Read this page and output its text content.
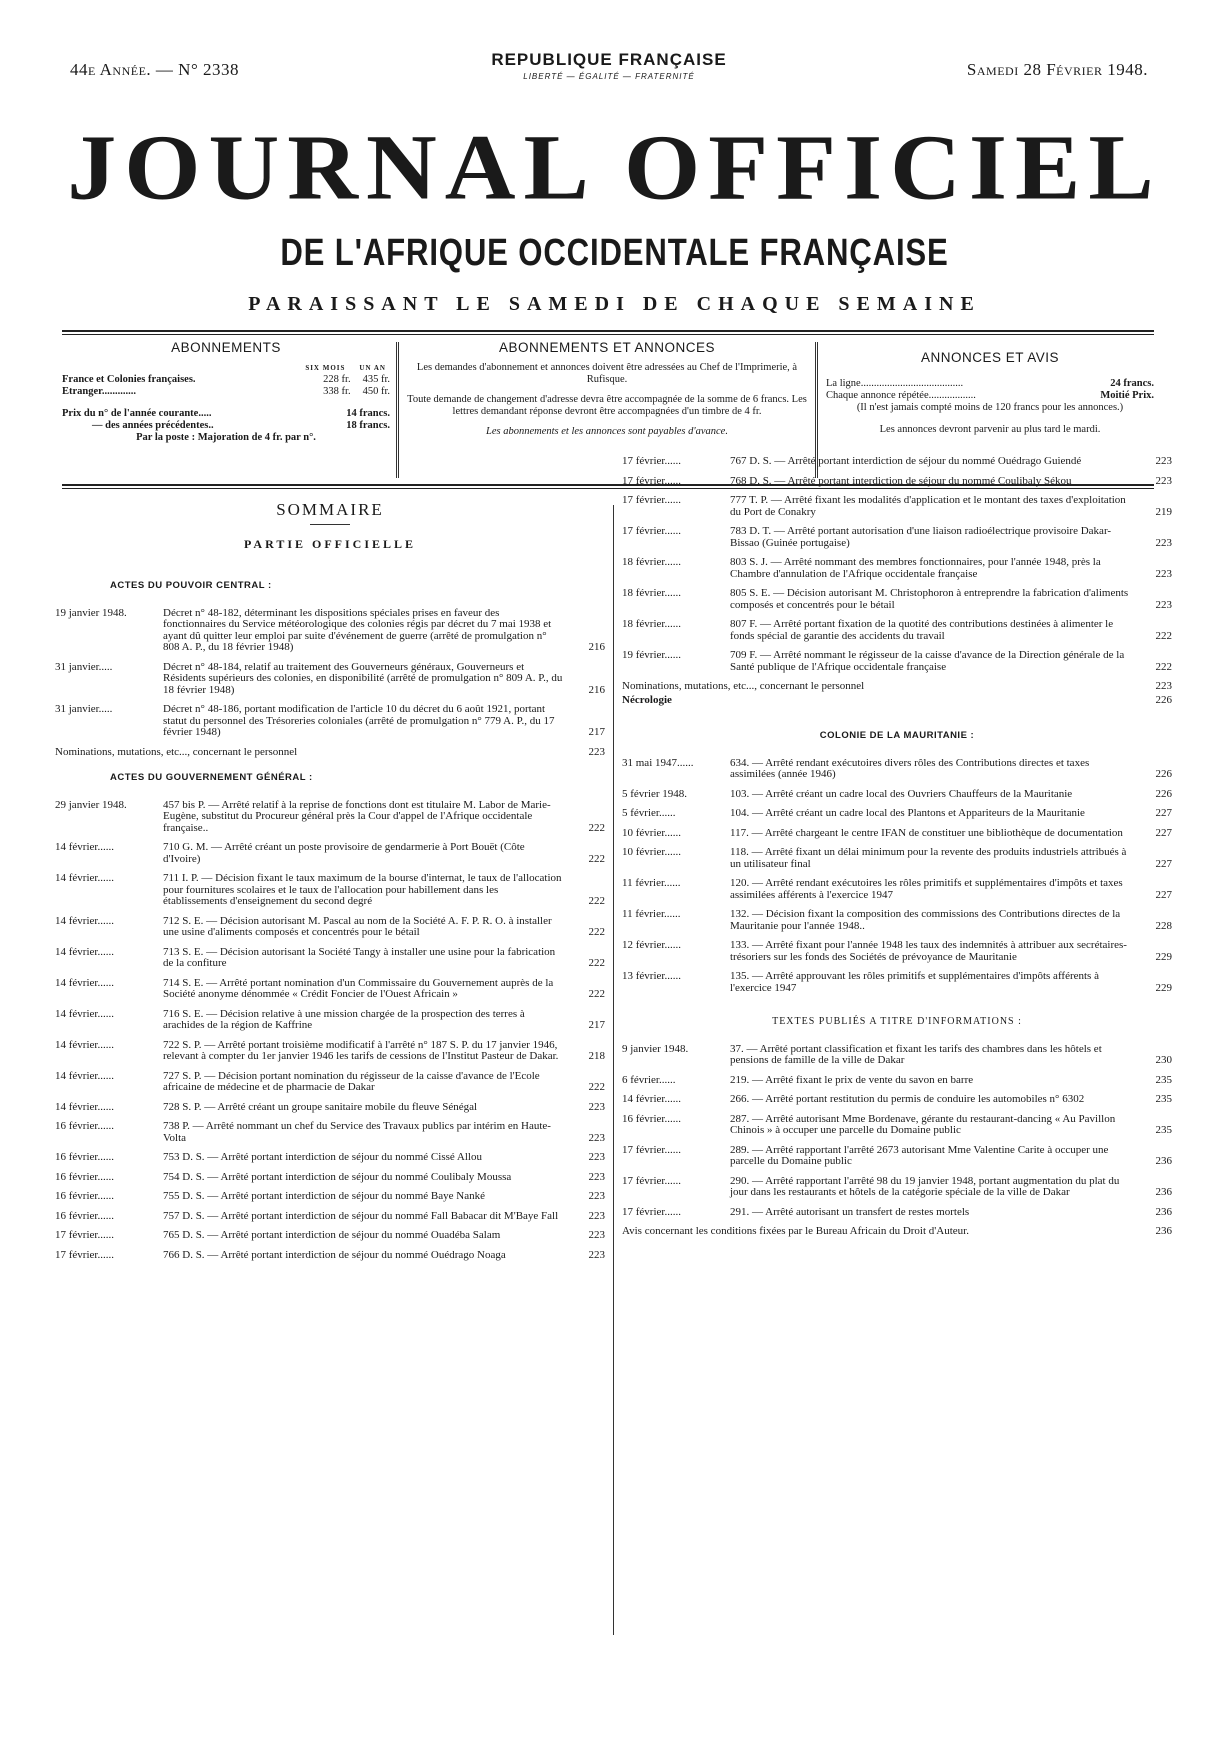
44e Année. — N° 2338
REPUBLIQUE FRANÇAISE
LIBERTÉ — ÉGALITÉ — FRATERNITÉ	Samedi 28 Février 1948.
JOURNAL OFFICIEL
DE L'AFRIQUE OCCIDENTALE FRANÇAISE
PARAISSANT LE SAMEDI DE CHAQUE SEMAINE
ABONNEMENTS
SIX MOIS UN AN
France et Colonies françaises.	228 fr. 435 fr.
Etranger.............	338 fr. 450 fr.
Prix du n° de l'année courante.....	14 francs.
— des années précédentes..	18 francs.
Par la poste : Majoration de 4 fr. par n°.
ABONNEMENTS ET ANNONCES
Les demandes d'abonnement et annonces doivent être adressées au Chef de l'Imprimerie, à Rufisque.
Toute demande de changement d'adresse devra être accompagnée de la somme de 6 francs. Les lettres demandant réponse devront être accompagnées d'un timbre de 4 fr.
Les abonnements et les annonces sont payables d'avance.
ANNONCES ET AVIS
La ligne.......................................	24 francs.
Chaque annonce répétée..................	Moitié Prix.
(Il n'est jamais compté moins de 120 francs pour les annonces.)
Les annonces devront parvenir au plus tard le mardi.
SOMMAIRE
PARTIE OFFICIELLE
ACTES DU POUVOIR CENTRAL :
19 janvier 1948.	Décret n° 48-182, déterminant les dispositions spéciales prises en faveur des fonctionnaires du Service météorologique des colonies régis par décret du 7 mai 1938 et ayant dû quitter leur emploi par suite d'événement de guerre (arrêté de promulgation n° 808 A. P., du 18 février 1948)	216
31 janvier.....	Décret n° 48-184, relatif au traitement des Gouverneurs généraux, Gouverneurs et Résidents supérieurs des colonies, en disponibilité (arrêté de promulgation n° 809 A. P., du 18 février 1948)	216
31 janvier.....	Décret n° 48-186, portant modification de l'article 10 du décret du 6 août 1921, portant statut du personnel des Trésoreries coloniales (arrêté de promulgation n° 779 A. P., du 17 février 1948)	217
Nominations, mutations, etc..., concernant le personnel	223
ACTES DU GOUVERNEMENT GÉNÉRAL :
29 janvier 1948.	457 bis P. — Arrêté relatif à la reprise de fonctions dont est titulaire M. Labor de Marie-Eugène, substitut du Procureur général près la Cour d'appel de l'Afrique occidentale française..	222
14 février......	710 G. M. — Arrêté créant un poste provisoire de gendarmerie à Port Bouët (Côte d'Ivoire)	222
14 février......	711 I. P. — Décision fixant le taux maximum de la bourse d'internat, le taux de l'allocation pour fournitures scolaires et le taux de l'allocation pour habillement dans les établissements d'enseignement du second degré	222
14 février......	712 S. E. — Décision autorisant M. Pascal au nom de la Société A. F. P. R. O. à installer une usine d'aliments composés et concentrés pour le bétail	222
14 février......	713 S. E. — Décision autorisant la Société Tangy à installer une usine pour la fabrication de la confiture	222
14 février......	714 S. E. — Arrêté portant nomination d'un Commissaire du Gouvernement auprès de la Société anonyme dénommée « Crédit Foncier de l'Ouest Africain »	222
14 février......	716 S. E. — Décision relative à une mission chargée de la prospection des terres à arachides de la région de Kaffrine	217
14 février......	722 S. P. — Arrêté portant troisième modificatif à l'arrêté n° 187 S. P. du 17 janvier 1946, relevant à compter du 1er janvier 1946 les tarifs de cessions de l'Institut Pasteur de Dakar.	218
14 février......	727 S. P. — Décision portant nomination du régisseur de la caisse d'avance de l'Ecole africaine de médecine et de pharmacie de Dakar	222
14 février......	728 S. P. — Arrêté créant un groupe sanitaire mobile du fleuve Sénégal	223
16 février......	738 P. — Arrêté nommant un chef du Service des Travaux publics par intérim en Haute-Volta	223
16 février......	753 D. S. — Arrêté portant interdiction de séjour du nommé Cissé Allou	223
16 février......	754 D. S. — Arrêté portant interdiction de séjour du nommé Coulibaly Moussa	223
16 février......	755 D. S. — Arrêté portant interdiction de séjour du nommé Baye Nanké	223
16 février......	757 D. S. — Arrêté portant interdiction de séjour du nommé Fall Babacar dit M'Baye Fall	223
17 février......	765 D. S. — Arrêté portant interdiction de séjour du nommé Ouadéba Salam	223
17 février......	766 D. S. — Arrêté portant interdiction de séjour du nommé Ouédrago Noaga	223
17 février......	767 D. S. — Arrêté portant interdiction de séjour du nommé Ouédrago Guiendé	223
17 février......	768 D. S. — Arrêté portant interdiction de séjour du nommé Coulibaly Sékou	223
17 février......	777 T. P. — Arrêté fixant les modalités d'application et le montant des taxes d'exploitation du Port de Conakry	219
17 février......	783 D. T. — Arrêté portant autorisation d'une liaison radioélectrique provisoire Dakar-Bissao (Guinée portugaise)	223
18 février......	803 S. J. — Arrêté nommant des membres fonctionnaires, pour l'année 1948, près la Chambre d'annulation de l'Afrique occidentale française	223
18 février......	805 S. E. — Décision autorisant M. Christophoron à entreprendre la fabrication d'aliments composés et concentrés pour le bétail	223
18 février......	807 F. — Arrêté portant fixation de la quotité des contributions destinées à alimenter le fonds spécial de garantie des accidents du travail	222
19 février......	709 F. — Arrêté nommant le régisseur de la caisse d'avance de la Direction générale de la Santé publique de l'Afrique occidentale française	222
Nominations, mutations, etc..., concernant le personnel	223
Nécrologie	226
COLONIE DE LA MAURITANIE :
31 mai 1947......	634. — Arrêté rendant exécutoires divers rôles des Contributions directes et taxes assimilées (année 1946)	226
5 février 1948.	103. — Arrêté créant un cadre local des Ouvriers Chauffeurs de la Mauritanie	226
5 février......	104. — Arrêté créant un cadre local des Plantons et Appariteurs de la Mauritanie	227
10 février......	117. — Arrêté chargeant le centre IFAN de constituer une bibliothèque de documentation	227
10 février......	118. — Arrêté fixant un délai minimum pour la revente des produits industriels attribués à un utilisateur final	227
11 février......	120. — Arrêté rendant exécutoires les rôles primitifs et supplémentaires d'impôts et taxes assimilées afférents à l'exercice 1947	227
11 février......	132. — Décision fixant la composition des commissions des Contributions directes de la Mauritanie pour l'année 1948..	228
12 février......	133. — Arrêté fixant pour l'année 1948 les taux des indemnités à attribuer aux secrétaires-trésoriers sur les fonds des Sociétés de prévoyance de Mauritanie	229
13 février......	135. — Arrêté approuvant les rôles primitifs et supplémentaires d'impôts afférents à l'exercice 1947	229
TEXTES PUBLIÉS A TITRE D'INFORMATIONS :
9 janvier 1948.	37. — Arrêté portant classification et fixant les tarifs des chambres dans les hôtels et pensions de famille de la ville de Dakar	230
6 février......	219. — Arrêté fixant le prix de vente du savon en barre	235
14 février......	266. — Arrêté portant restitution du permis de conduire les automobiles n° 6302	235
16 février......	287. — Arrêté autorisant Mme Bordenave, gérante du restaurant-dancing « Au Pavillon Chinois » à occuper une parcelle du Domaine public	235
17 février......	289. — Arrêté rapportant l'arrêté 2673 autorisant Mme Valentine Carite à occuper une parcelle du Domaine public	236
17 février......	290. — Arrêté rapportant l'arrêté 98 du 19 janvier 1948, portant augmentation du plat du jour dans les restaurants et hôtels de la catégorie spéciale de la ville de Dakar	236
17 février......	291. — Arrêté autorisant un transfert de restes mortels	236
Avis concernant les conditions fixées par le Bureau Africain du Droit d'Auteur.	236
